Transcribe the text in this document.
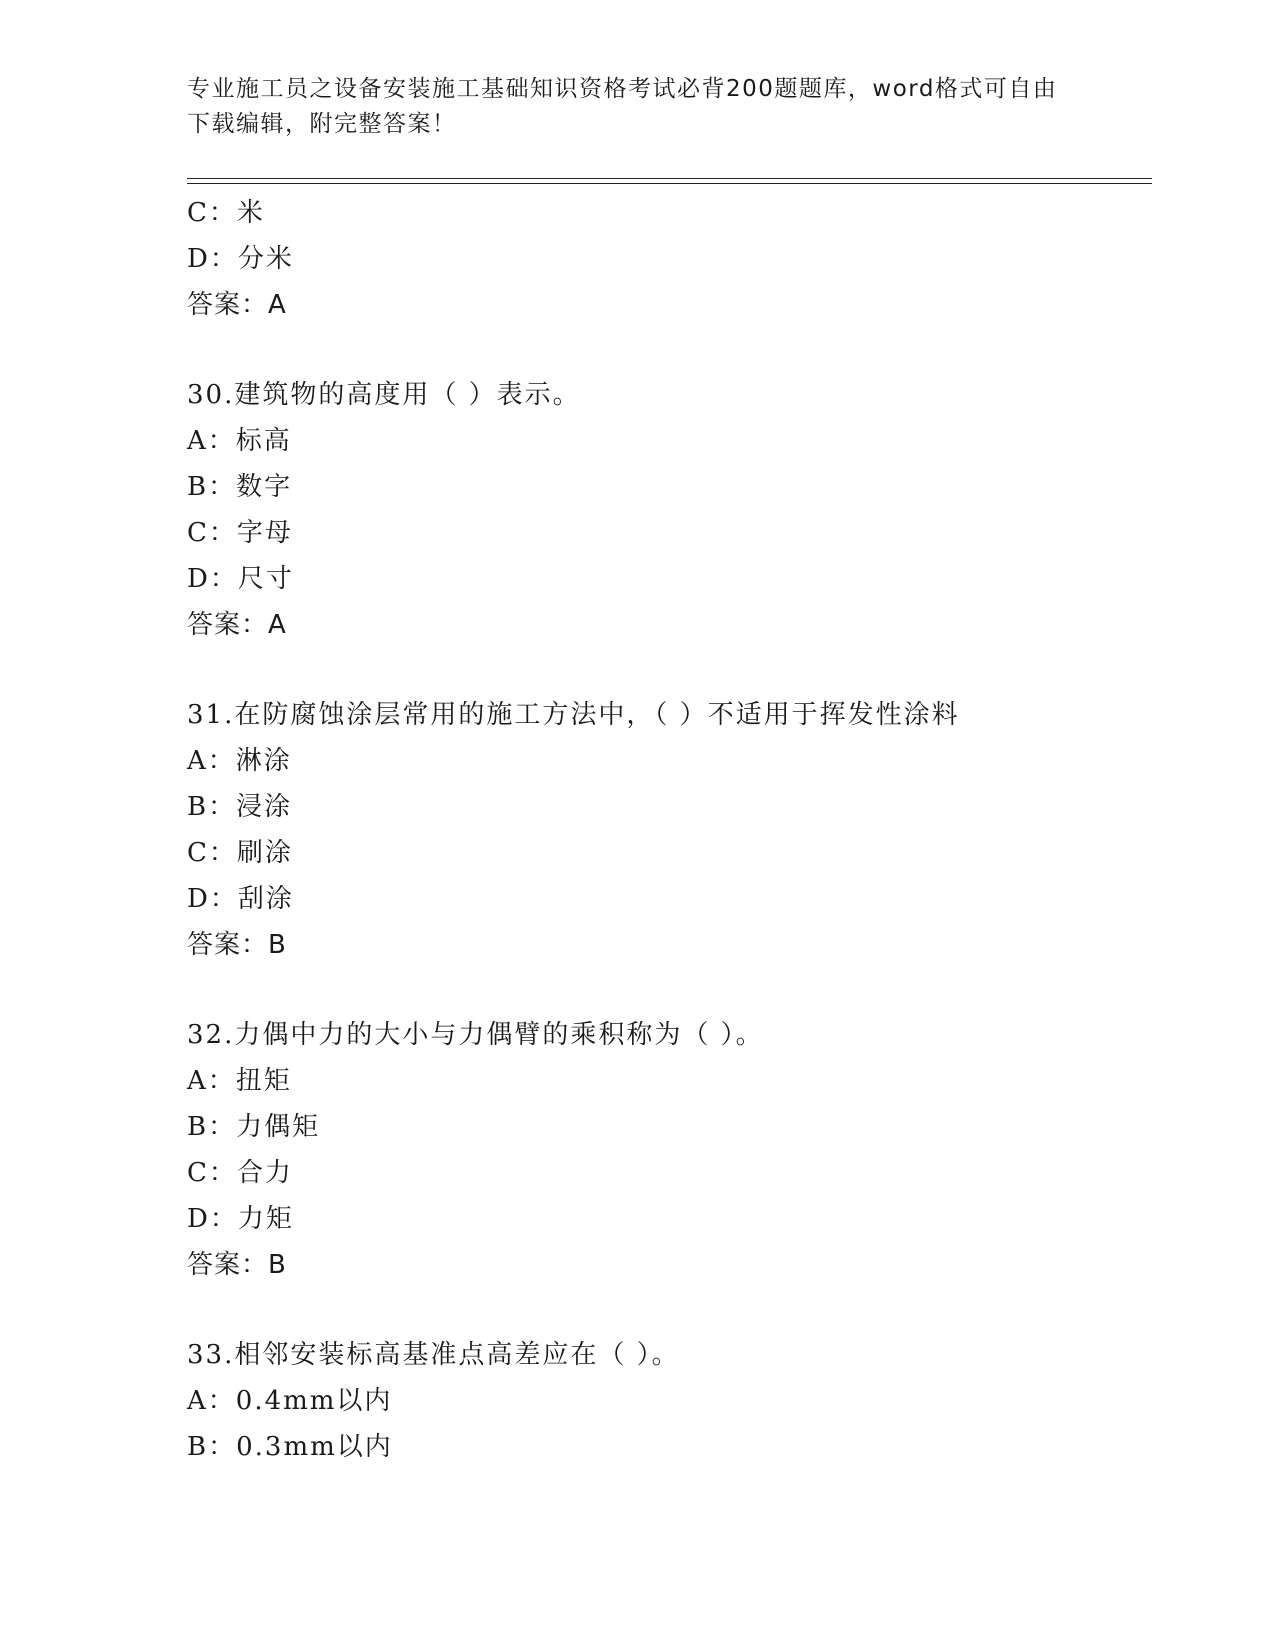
专业施工员之设备安装施工基础知识资格考试必背200题题库，word格式可自由
下载编辑，附完整答案！
C：米
D：分米
答案：A
30.建筑物的高度用（ ）表示。
A：标高
B：数字
C：字母
D：尺寸
答案：A
31.在防腐蚀涂层常用的施工方法中，（ ）不适用于挥发性涂料
A：淋涂
B：浸涂
C：刷涂
D：刮涂
答案：B
32.力偶中力的大小与力偶臂的乘积称为（ ）。
A：扭矩
B：力偶矩
C：合力
D：力矩
答案：B
33.相邻安装标高基准点高差应在（ ）。
A：0.4mm以内
B：0.3mm以内
